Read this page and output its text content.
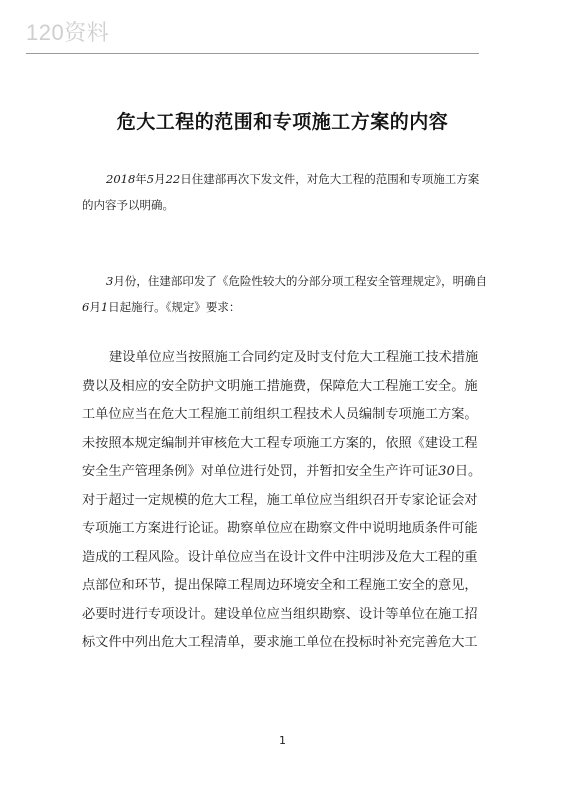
120资料
危大工程的范围和专项施工方案的内容

2018年5月22日住建部再次下发文件，对危大工程的范围和专项施工方案的内容予以明确。

3月份，住建部印发了《危险性较大的分部分项工程安全管理规定》，明确自6月1日起施行。《规定》要求：

建设单位应当按照施工合同约定及时支付危大工程施工技术措施费以及相应的安全防护文明施工措施费，保障危大工程施工安全。施工单位应当在危大工程施工前组织工程技术人员编制专项施工方案。未按照本规定编制并审核危大工程专项施工方案的，依照《建设工程安全生产管理条例》对单位进行处罚，并暂扣安全生产许可证30日。对于超过一定规模的危大工程，施工单位应当组织召开专家论证会对专项施工方案进行论证。勘察单位应在勘察文件中说明地质条件可能造成的工程风险。设计单位应当在设计文件中注明涉及危大工程的重点部位和环节，提出保障工程周边环境安全和工程施工安全的意见，必要时进行专项设计。建设单位应当组织勘察、设计等单位在施工招标文件中列出危大工程清单，要求施工单位在投标时补充完善危大工

1
